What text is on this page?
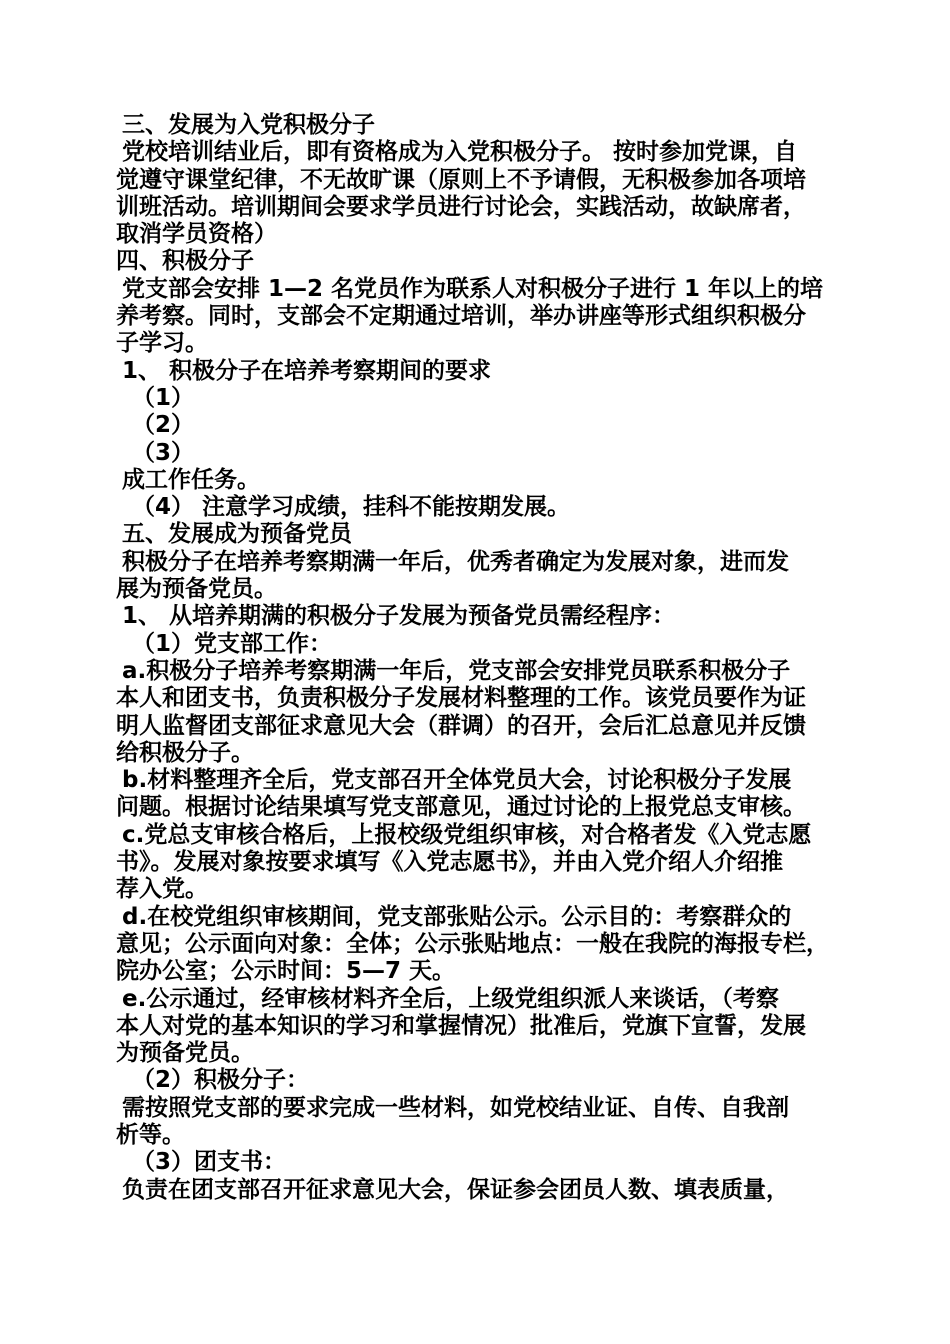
三、发展为入党积极分子
党校培训结业后，即有资格成为入党积极分子。 按时参加党课，自
觉遵守课堂纪律，不无故旷课（原则上不予请假，无积极参加各项培
训班活动。培训期间会要求学员进行讨论会，实践活动，故缺席者，
取消学员资格）
四、积极分子
党支部会安排 1—2 名党员作为联系人对积极分子进行 1 年以上的培
养考察。同时，支部会不定期通过培训，举办讲座等形式组织积极分
子学习。
1、 积极分子在培养考察期间的要求
（1）
（2）
（3）
成工作任务。
（4） 注意学习成绩，挂科不能按期发展。
五、发展成为预备党员
积极分子在培养考察期满一年后，优秀者确定为发展对象，进而发
展为预备党员。
1、 从培养期满的积极分子发展为预备党员需经程序：
（1）党支部工作：
a.积极分子培养考察期满一年后，党支部会安排党员联系积极分子
本人和团支书，负责积极分子发展材料整理的工作。该党员要作为证
明人监督团支部征求意见大会（群调）的召开，会后汇总意见并反馈
给积极分子。
b.材料整理齐全后，党支部召开全体党员大会，讨论积极分子发展
问题。根据讨论结果填写党支部意见，通过讨论的上报党总支审核。
c.党总支审核合格后，上报校级党组织审核，对合格者发《入党志愿
书》。发展对象按要求填写《入党志愿书》，并由入党介绍人介绍推
荐入党。
d.在校党组织审核期间，党支部张贴公示。公示目的：考察群众的
意见；公示面向对象：全体；公示张贴地点：一般在我院的海报专栏，
院办公室；公示时间：5—7 天。
e.公示通过，经审核材料齐全后，上级党组织派人来谈话，（考察
本人对党的基本知识的学习和掌握情况）批准后，党旗下宣誓，发展
为预备党员。
（2）积极分子：
需按照党支部的要求完成一些材料，如党校结业证、自传、自我剖
析等。
（3）团支书：
负责在团支部召开征求意见大会，保证参会团员人数、填表质量，
